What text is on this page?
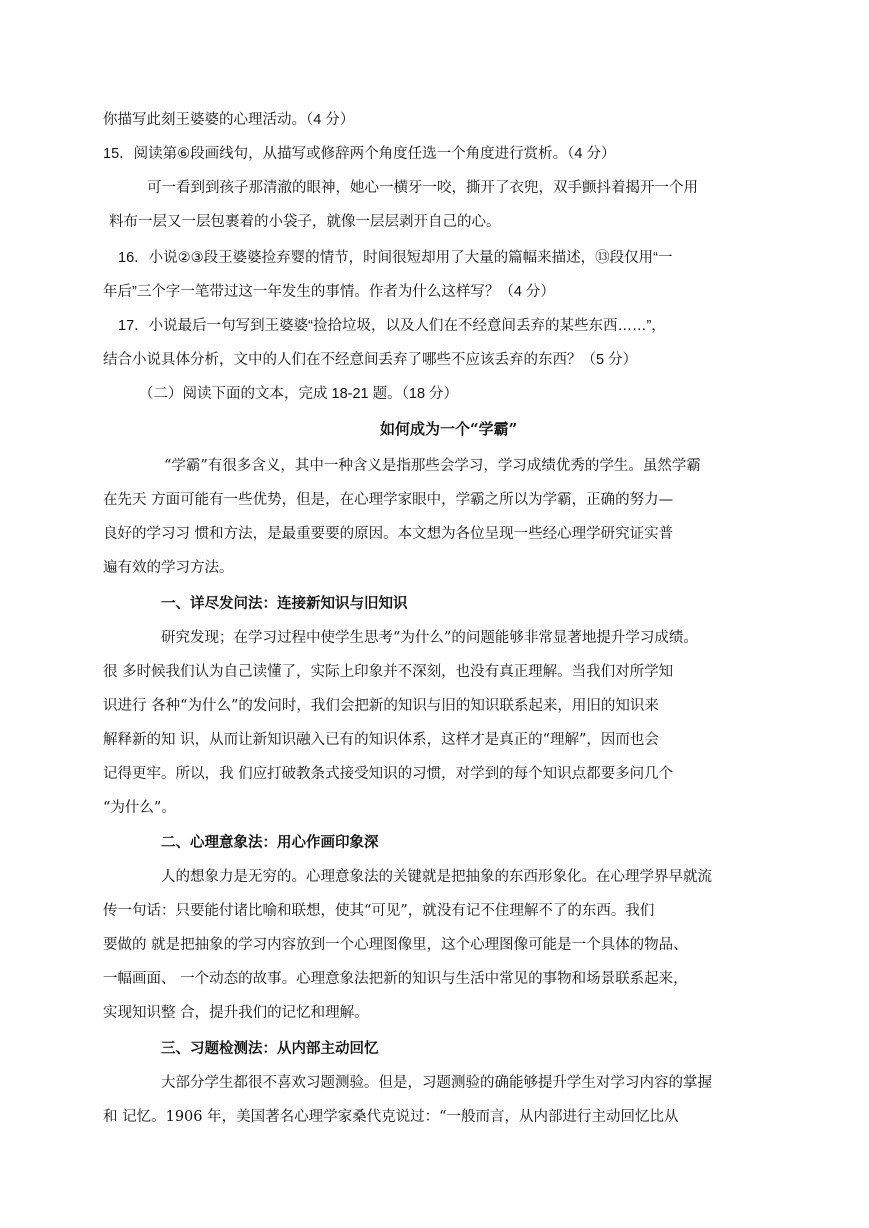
你描写此刻王婆婆的心理活动。（4 分）
15．阅读第⑥段画线句，从描写或修辞两个角度任选一个角度进行赏析。（4 分）
可一看到到孩子那清澈的眼神，她心一横牙一咬，撕开了衣兜，双手颤抖着揭开一个用
料布一层又一层包裹着的小袋子，就像一层层剥开自己的心。
16．小说②③段王婆婆捡弃婴的情节，时间很短却用了大量的篇幅来描述，⑬段仅用“一
年后”三个字一笔带过这一年发生的事情。作者为什么这样写？（4 分）
17．小说最后一句写到王婆婆“捡拾垃圾，以及人们在不经意间丢弃的某些东西……”，
结合小说具体分析，文中的人们在不经意间丢弃了哪些不应该丢弃的东西？（5 分）
（二）阅读下面的文本，完成 18-21 题。（18 分）
如何成为一个“学霸”
“学霸”有很多含义，其中一种含义是指那些会学习，学习成绩优秀的学生。虽然学霸
在先天 方面可能有一些优势，但是，在心理学家眼中，学霸之所以为学霸，正确的努力—
良好的学习习 惯和方法，是最重要要的原因。本文想为各位呈现一些经心理学研究证实普
遍有效的学习方法。
一、详尽发问法：连接新知识与旧知识
研究发现；在学习过程中使学生思考“为什么”的问题能够非常显著地提升学习成绩。
很 多时候我们认为自己读懂了，实际上印象并不深刻，也没有真正理解。当我们对所学知
识进行 各种“为什么”的发问时，我们会把新的知识与旧的知识联系起来，用旧的知识来
解释新的知 识，从而让新知识融入已有的知识体系，这样才是真正的“理解”，因而也会
记得更牢。所以，我 们应打破教条式接受知识的习惯，对学到的每个知识点都要多问几个
“为什么”。
二、心理意象法：用心作画印象深
人的想象力是无穷的。心理意象法的关键就是把抽象的东西形象化。在心理学界早就流
传一句话：只要能付诸比喻和联想，使其“可见”，就没有记不住理解不了的东西。我们
要做的 就是把抽象的学习内容放到一个心理图像里，这个心理图像可能是一个具体的物品、
一幅画面、 一个动态的故事。心理意象法把新的知识与生活中常见的事物和场景联系起来，
实现知识整 合，提升我们的记忆和理解。
三、习题检测法：从内部主动回忆
大部分学生都很不喜欢习题测验。但是，习题测验的确能够提升学生对学习内容的掌握
和 记忆。1906 年，美国著名心理学家桑代克说过：“一般而言，从内部进行主动回忆比从
